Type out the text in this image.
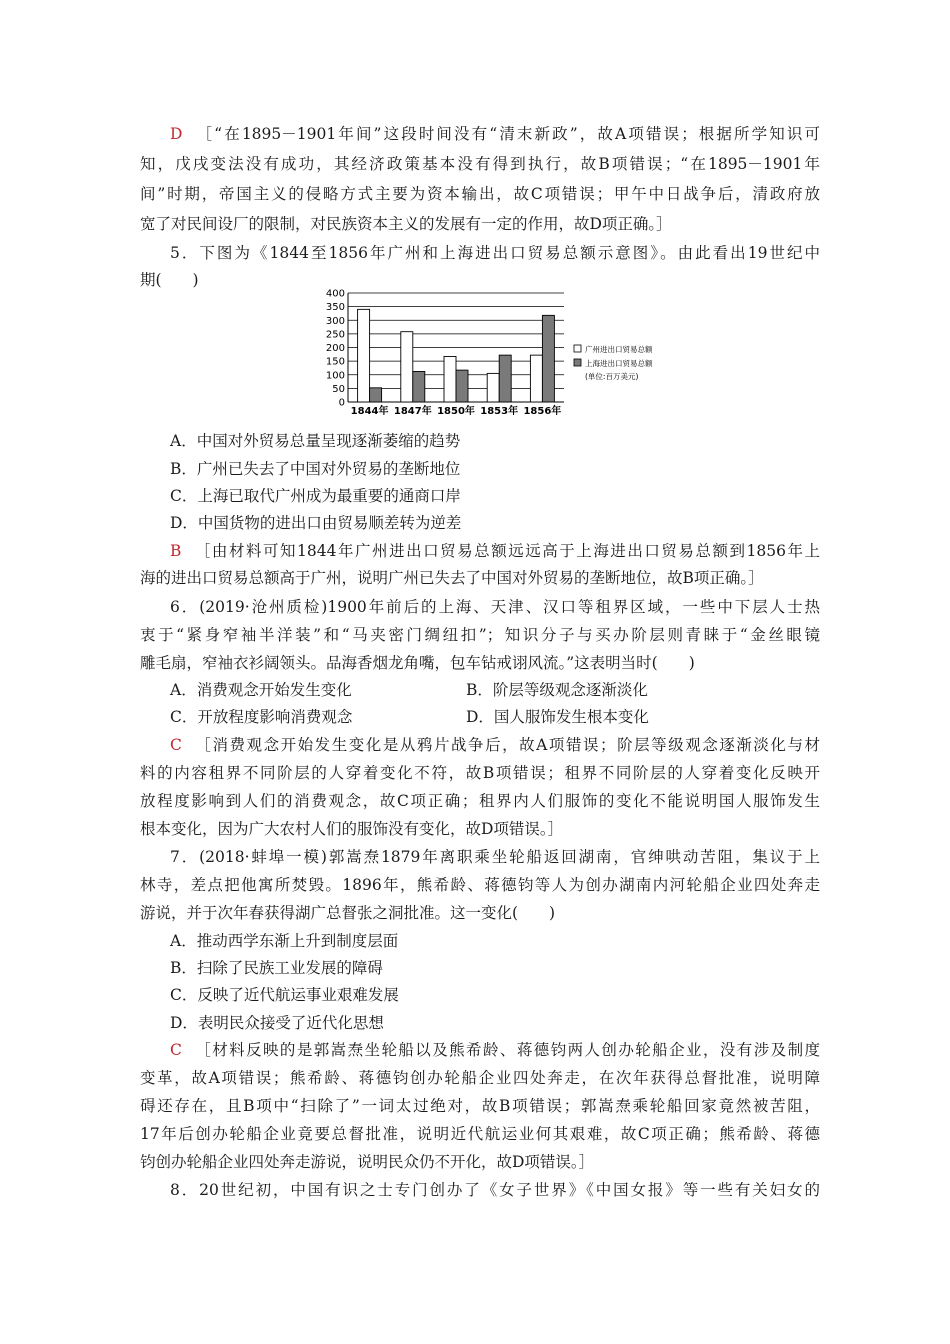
D ［“在1895－1901年间”这段时间没有“清末新政”，故A项错误；根据所学知识可
知，戊戌变法没有成功，其经济政策基本没有得到执行，故B项错误；“在1895－1901年
间”时期，帝国主义的侵略方式主要为资本输出，故C项错误；甲午中日战争后，清政府放
宽了对民间设厂的限制，对民族资本主义的发展有一定的作用，故D项正确。］
5．下图为《1844至1856年广州和上海进出口贸易总额示意图》。由此看出19世纪中
期(　　)
0
50
100
150
200
250
300
350
400
1844年 1847年 1850年 1853年 1856年
广州进出口贸易总额
上海进出口贸易总额
(单位:百万美元)
A．中国对外贸易总量呈现逐渐萎缩的趋势
B．广州已失去了中国对外贸易的垄断地位
C．上海已取代广州成为最重要的通商口岸
D．中国货物的进出口由贸易顺差转为逆差
B ［由材料可知1844年广州进出口贸易总额远远高于上海进出口贸易总额到1856年上
海的进出口贸易总额高于广州，说明广州已失去了中国对外贸易的垄断地位，故B项正确。］
6．(2019·沧州质检)1900年前后的上海、天津、汉口等租界区域，一些中下层人士热
衷于“紧身窄袖半洋装”和“马夹密门绸纽扣”；知识分子与买办阶层则青睐于“金丝眼镜
雕毛扇，窄袖衣衫阔领头。品海香烟龙角嘴，包车钻戒诩风流。”这表明当时(　　)
A．消费观念开始发生变化	B．阶层等级观念逐渐淡化
C．开放程度影响消费观念	D．国人服饰发生根本变化
C ［消费观念开始发生变化是从鸦片战争后，故A项错误；阶层等级观念逐渐淡化与材
料的内容租界不同阶层的人穿着变化不符，故B项错误；租界不同阶层的人穿着变化反映开
放程度影响到人们的消费观念，故C项正确；租界内人们服饰的变化不能说明国人服饰发生
根本变化，因为广大农村人们的服饰没有变化，故D项错误。］
7．(2018·蚌埠一模)郭嵩焘1879年离职乘坐轮船返回湖南，官绅哄动苦阻，集议于上
林寺，差点把他寓所焚毁。1896年，熊希龄、蒋德钧等人为创办湖南内河轮船企业四处奔走
游说，并于次年春获得湖广总督张之洞批准。这一变化(　　)
A．推动西学东渐上升到制度层面
B．扫除了民族工业发展的障碍
C．反映了近代航运事业艰难发展
D．表明民众接受了近代化思想
C ［材料反映的是郭嵩焘坐轮船以及熊希龄、蒋德钧两人创办轮船企业，没有涉及制度
变革，故A项错误；熊希龄、蒋德钧创办轮船企业四处奔走，在次年获得总督批准，说明障
碍还存在，且B项中“扫除了”一词太过绝对，故B项错误；郭嵩焘乘轮船回家竟然被苦阻，
17年后创办轮船企业竟要总督批准，说明近代航运业何其艰难，故C项正确；熊希龄、蒋德
钧创办轮船企业四处奔走游说，说明民众仍不开化，故D项错误。］
8．20世纪初，中国有识之士专门创办了《女子世界》《中国女报》等一些有关妇女的
